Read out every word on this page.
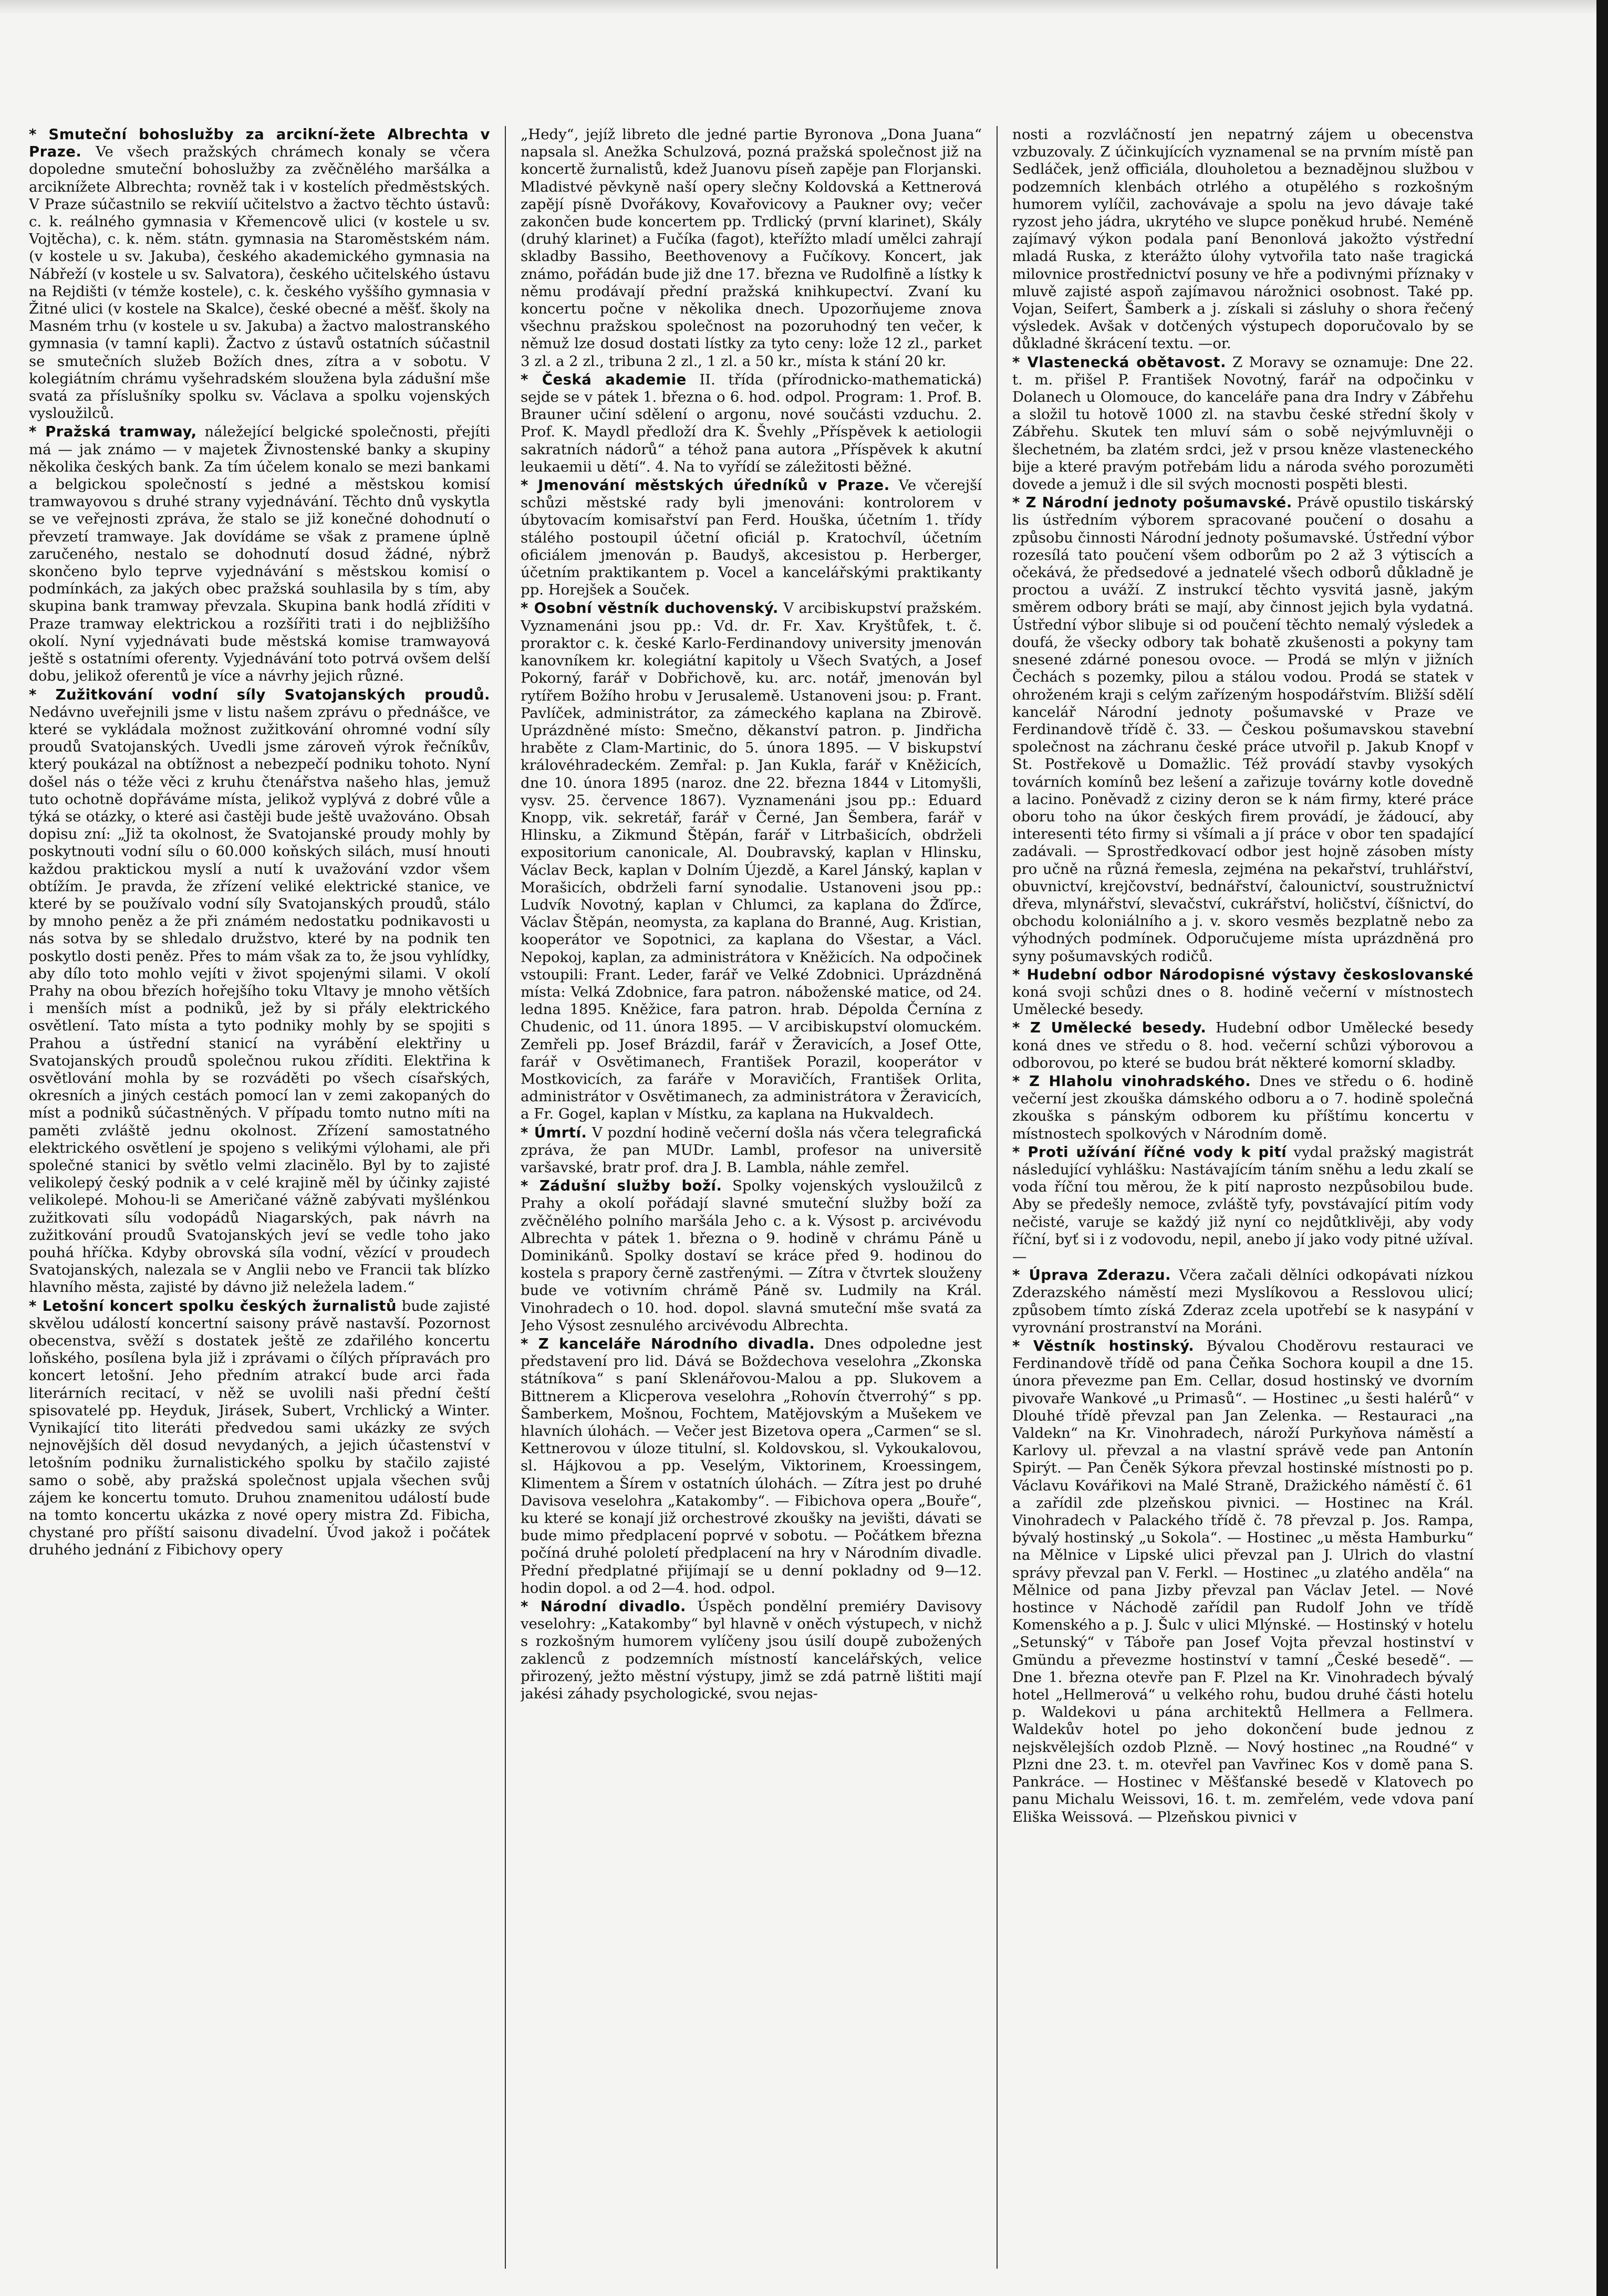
* Smuteční bohoslužby za arcikní-žete Albrechta v Praze. Ve všech pražských chrámech konaly se včera dopoledne smuteční bohoslužby za zvěčnělého maršálka a arciknížete Albrechta; rovněž tak i v kostelích předměstských. V Praze súčastnilo se rekviíí učitelstvo a žactvo těchto ústavů: c. k. reálného gymnasia v Křemencově ulici (v kostele u sv. Vojtěcha), c. k. něm. státn. gymnasia na Staroměstském nám. (v kostele u sv. Jakuba), českého akademického gymnasia na Nábřeží (v kostele u sv. Salvatora), českého učitelského ústavu na Rejdišti (v témže kostele), c. k. českého vyššího gymnasia v Žitné ulici (v kostele na Skalce), české obecné a měšť. školy na Masném trhu (v kostele u sv. Jakuba) a žactvo malostranského gymnasia (v tamní kapli). Žactvo z ústavů ostatních súčastnil se smutečních služeb Božích dnes, zítra a v sobotu. V kolegiátním chrámu vyšehradském sloužena byla zádušní mše svatá za příslušníky spolku sv. Václava a spolku vojenských vysloužilců.

* Pražská tramway, náležející belgické společnosti, přejíti má — jak známo — v majetek Živnostenské banky a skupiny několika českých bank. Za tím účelem konalo se mezi bankami a belgickou společností s jedné a městskou komisí tramwayovou s druhé strany vyjednávání. Těchto dnů vyskytla se ve veřejnosti zpráva, že stalo se již konečné dohodnutí o převzetí tramwaye. Jak dovídáme se však z pramene úplně zaručeného, nestalo se dohodnutí dosud žádné, nýbrž skončeno bylo teprve vyjednávání s městskou komisí o podmínkách, za jakých obec pražská souhlasila by s tím, aby skupina bank tramway převzala. Skupina bank hodlá zříditi v Praze tramway elektrickou a rozšířiti trati i do nejbližšího okolí. Nyní vyjednávati bude městská komise tramwayová ještě s ostatními oferenty. Vyjednávání toto potrvá ovšem delší dobu, jelikož oferentů je více a návrhy jejich různé.

* Zužitkování vodní síly Svatojanských proudů. Nedávno uveřejnili jsme v listu našem zprávu o přednášce, ve které se vykládala možnost zužitkování ohromné vodní síly proudů Svatojanských. Uvedli jsme zároveň výrok řečníkův, který poukázal na obtížnost a nebezpečí podniku tohoto. Nyní došel nás o téže věci z kruhu čtenářstva našeho hlas, jemuž tuto ochotně dopřáváme místa, jelikož vyplývá z dobré vůle a týká se otázky, o které asi častěji bude ještě uvažováno. Obsah dopisu zní: „Již ta okolnost, že Svatojanské proudy mohly by poskytnouti vodní sílu o 60.000 koňských silách, musí hnouti každou praktickou myslí a nutí k uvažování vzdor všem obtížím. Je pravda, že zřízení veliké elektrické stanice, ve které by se používalo vodní síly Svatojanských proudů, stálo by mnoho peněz a že při známém nedostatku podnikavosti u nás sotva by se shledalo družstvo, které by na podnik ten poskytlo dosti peněz. Přes to mám však za to, že jsou vyhlídky, aby dílo toto mohlo vejíti v život spojenými silami. V okolí Prahy na obou březích hořejšího toku Vltavy je mnoho větších i menších míst a podniků, jež by si přály elektrického osvětlení. Tato místa a tyto podniky mohly by se spojiti s Prahou a ústřední stanicí na vyrábění elektřiny u Svatojanských proudů společnou rukou zříditi. Elektřina k osvětlování mohla by se rozváděti po všech císařských, okresních a jiných cestách pomocí lan v zemi zakopaných do míst a podniků súčastněných. V případu tomto nutno míti na paměti zvláště jednu okolnost. Zřízení samostatného elektrického osvětlení je spojeno s velikými výlohami, ale při společné stanici by světlo velmi zlacinělo. Byl by to zajisté velikolepý český podnik a v celé krajině měl by účinky zajisté velikolepé. Mohou-li se Američané vážně zabývati myšlénkou zužitkovati sílu vodopádů Niagarských, pak návrh na zužitkování proudů Svatojanských jeví se vedle toho jako pouhá hříčka. Kdyby obrovská síla vodní, vězící v proudech Svatojanských, nalezala se v Anglii nebo ve Francii tak blízko hlavního města, zajisté by dávno již neležela ladem.“

* Letošní koncert spolku českých žurnalistů bude zajisté skvělou událostí koncertní saisony právě nastavší. Pozornost obecenstva, svěží s dostatek ještě ze zdařilého koncertu loňského, posílena byla již i zprávami o čílých přípravách pro koncert letošní. Jeho předním atrakcí bude arci řada literárních recitací, v něž se uvolili naši přední čeští spisovatelé pp. Heyduk, Jirásek, Subert, Vrchlický a Winter. Vynikající tito literáti předvedou sami ukázky ze svých nejnovějších děl dosud nevydaných, a jejich účastenství v letošním podniku žurnalistického spolku by stačilo zajisté samo o sobě, aby pražská společnost upjala všechen svůj zájem ke koncertu tomuto. Druhou znamenitou událostí bude na tomto koncertu ukázka z nové opery mistra Zd. Fibicha, chystané pro příští saisonu divadelní. Úvod jakož i počátek druhého jednání z Fibichovy opery

„Hedy“, jejíž libreto dle jedné partie Byronova „Dona Juana“ napsala sl. Anežka Schulzová, pozná pražská společnost již na koncertě žurnalistů, kdež Juanovu píseň zapěje pan Florjanski. Mladistvé pěvkyně naší opery slečny Koldovská a Kettnerová zapějí písně Dvořákovy, Kovařovicovy a Paukner ovy; večer zakončen bude koncertem pp. Trdlický (první klarinet), Skály (druhý klarinet) a Fučíka (fagot), kteřížto mladí umělci zahrají skladby Bassiho, Beethovenovy a Fučíkovy. Koncert, jak známo, pořádán bude již dne 17. března ve Rudolfině a lístky k němu prodávají přední pražská knihkupectví. Zvaní ku koncertu počne v několika dnech. Upozorňujeme znova všechnu pražskou společnost na pozoruhodný ten večer, k němuž lze dosud dostati lístky za tyto ceny: lože 12 zl., parket 3 zl. a 2 zl., tribuna 2 zl., 1 zl. a 50 kr., místa k stání 20 kr.

* Česká akademie II. třída (přírodnicko-mathematická) sejde se v pátek 1. března o 6. hod. odpol. Program: 1. Prof. B. Brauner učiní sdělení o argonu, nové součásti vzduchu. 2. Prof. K. Maydl předloží dra K. Švehly „Příspěvek k aetiologii sakratních nádorů“ a téhož pana autora „Příspěvek k akutní leukaemii u dětí“. 4. Na to vyřídí se záležitosti běžné.

* Jmenování městských úředníků v Praze. Ve včerejší schůzi městské rady byli jmenováni: kontrolorem v úbytovacím komisařství pan Ferd. Houška, účetním 1. třídy stálého postoupil účetní oficiál p. Kratochvíl, účetním oficiálem jmenován p. Baudyš, akcesistou p. Herberger, účetním praktikantem p. Vocel a kancelářskými praktikanty pp. Horejšek a Souček.

* Osobní věstník duchovenský. V arcibiskupství pražském. Vyznamenáni jsou pp.: Vd. dr. Fr. Xav. Kryštůfek, t. č. proraktor c. k. české Karlo-Ferdinandovy university jmenován kanovníkem kr. kolegiátní kapitoly u Všech Svatých, a Josef Pokorný, farář v Dobřichově, ku. arc. notář, jmenován byl rytířem Božího hrobu v Jerusalemě. Ustanoveni jsou: p. Frant. Pavlíček, administrátor, za zámeckého kaplana na Zbirově. Uprázdněné místo: Smečno, děkanství patron. p. Jindřicha hraběte z Clam-Martinic, do 5. února 1895. — V biskupství královéhradeckém. Zemřal: p. Jan Kukla, farář v Kněžicích, dne 10. února 1895 (naroz. dne 22. března 1844 v Litomyšli, vysv. 25. července 1867). Vyznamenáni jsou pp.: Eduard Knopp, vik. sekretář, farář v Černé, Jan Šembera, farář v Hlinsku, a Zikmund Štěpán, farář v Litrbašicích, obdrželi expositorium canonicale, Al. Doubravský, kaplan v Hlinsku, Václav Beck, kaplan v Dolním Újezdě, a Karel Jánský, kaplan v Morašicích, obdrželi farní synodalie. Ustanoveni jsou pp.: Ludvík Novotný, kaplan v Chlumci, za kaplana do Žďírce, Václav Štěpán, neomysta, za kaplana do Branné, Aug. Kristian, kooperátor ve Sopotnici, za kaplana do Všestar, a Václ. Nepokoj, kaplan, za administrátora v Kněžicích. Na odpočinek vstoupili: Frant. Leder, farář ve Velké Zdobnici. Uprázdněná místa: Velká Zdobnice, fara patron. náboženské matice, od 24. ledna 1895. Kněžice, fara patron. hrab. Dépolda Černína z Chudenic, od 11. února 1895. — V arcibiskupství olomuckém. Zemřeli pp. Josef Brázdil, farář v Žeravicích, a Josef Otte, farář v Osvětimanech, František Porazil, kooperátor v Mostkovicích, za faráře v Moravičích, František Orlita, administrátor v Osvětimanech, za administrátora v Žeravicích, a Fr. Gogel, kaplan v Místku, za kaplana na Hukvaldech.

* Úmrtí. V pozdní hodině večerní došla nás včera telegrafická zpráva, že pan MUDr. Lambl, profesor na universitě varšavské, bratr prof. dra J. B. Lambla, náhle zemřel.

* Zádušní služby boží. Spolky vojenských vysloužilců z Prahy a okolí pořádají slavné smuteční služby boží za zvěčnělého polního maršála Jeho c. a k. Výsost p. arcivévodu Albrechta v pátek 1. března o 9. hodině v chrámu Páně u Dominikánů. Spolky dostaví se kráce před 9. hodinou do kostela s prapory černě zastřenými. — Zítra v čtvrtek slouženy bude ve votivním chrámě Páně sv. Ludmily na Král. Vinohradech o 10. hod. dopol. slavná smuteční mše svatá za Jeho Výsost zesnulého arcivévodu Albrechta.

* Z kanceláře Národního divadla. Dnes odpoledne jest představení pro lid. Dává se Boždechova veselohra „Zkonska státníkova“ s paní Sklenářovou-Malou a pp. Slukovem a Bittnerem a Klicperova veselohra „Rohovín čtverrohý“ s pp. Šamberkem, Mošnou, Fochtem, Matějovským a Mušekem ve hlavních úlohách. — Večer jest Bizetova opera „Carmen“ se sl. Kettnerovou v úloze titulní, sl. Koldovskou, sl. Vykoukalovou, sl. Hájkovou a pp. Veselým, Viktorinem, Kroessingem, Klimentem a Šírem v ostatních úlohách. — Zítra jest po druhé Davisova veselohra „Katakomby“. — Fibichova opera „Bouře“, ku které se konají již orchestrové zkoušky na jevišti, dávati se bude mimo předplacení poprvé v sobotu. — Počátkem března počíná druhé pololetí předplacení na hry v Národním divadle. Přední předplatné přijímají se u denní pokladny od 9—12. hodin dopol. a od 2—4. hod. odpol.

* Národní divadlo. Úspěch pondělní premiéry Davisovy veselohry: „Katakomby“ byl hlavně v oněch výstupech, v nichž s rozkošným humorem vylíčeny jsou úsilí doupě zubožených zaklenců z podzemních místností kancelářských, velice přirozený, ježto městní výstupy, jimž se zdá patrně lištiti mají jakési záhady psychologické, svou nejas-

nosti a rozvláčností jen nepatrný zájem u obecenstva vzbuzovaly. Z účinkujících vyznamenal se na prvním místě pan Sedláček, jenž officiála, dlouholetou a beznadějnou službou v podzemních klenbách otrlého a otupělého s rozkošným humorem vylíčil, zachovávaje a spolu na jevo dávaje také ryzost jeho jádra, ukrytého ve slupce poněkud hrubé. Neméně zajímavý výkon podala paní Benonlová jakožto výstřední mladá Ruska, z kterážto úlohy vytvořila tato naše tragická milovnice prostřednictví posuny ve hře a podivnými příznaky v mluvě zajisté aspoň zajímavou nárožnici osobnost. Také pp. Vojan, Seifert, Šamberk a j. získali si zásluhy o shora řečený výsledek. Avšak v dotčených výstupech doporučovalo by se důkladné škrácení textu. —or.

* Vlastenecká obětavost. Z Moravy se oznamuje: Dne 22. t. m. přišel P. František Novotný, farář na odpočinku v Dolanech u Olomouce, do kanceláře pana dra Indry v Zábřehu a složil tu hotově 1000 zl. na stavbu české střední školy v Zábřehu. Skutek ten mluví sám o sobě nejvýmluvněji o šlechetném, ba zlatém srdci, jež v prsou kněze vlasteneckého bije a které pravým potřebám lidu a národa svého porozuměti dovede a jemuž i dle sil svých mocnosti pospěti blesti.

* Z Národní jednoty pošumavské. Právě opustilo tiskárský lis ústředním výborem spracované poučení o dosahu a způsobu činnosti Národní jednoty pošumavské. Ústřední výbor rozesílá tato poučení všem odborům po 2 až 3 výtiscích a očekává, že předsedové a jednatelé všech odborů důkladně je proctou a uváží. Z instrukcí těchto vysvitá jasně, jakým směrem odbory bráti se mají, aby činnost jejich byla vydatná. Ústřední výbor slibuje si od poučení těchto nemalý výsledek a doufá, že všecky odbory tak bohatě zkušenosti a pokyny tam snesené zdárné ponesou ovoce. — Prodá se mlýn v jižních Čechách s pozemky, pilou a stálou vodou. Prodá se statek v ohroženém kraji s celým zařízeným hospodářstvím. Bližší sdělí kancelář Národní jednoty pošumavské v Praze ve Ferdinandově třídě č. 33. — Českou pošumavskou stavební společnost na záchranu české práce utvořil p. Jakub Knopf v St. Postřekově u Domažlic. Též provádí stavby vysokých továrních komínů bez lešení a zařizuje továrny kotle dovedně a lacino. Poněvadž z ciziny deron se k nám firmy, které práce oboru toho na úkor českých firem provádí, je žádoucí, aby interesenti této firmy si všímali a jí práce v obor ten spadající zadávali. — Sprostředkovací odbor jest hojně zásoben místy pro učně na různá řemesla, zejména na pekařství, truhlářství, obuvnictví, krejčovství, bednářství, čalounictví, soustružnictví dřeva, mlynářství, slevačství, cukrářství, holičství, číšnictví, do obchodu koloniálního a j. v. skoro vesměs bezplatně nebo za výhodných podmínek. Odporučujeme místa uprázdněná pro syny pošumavských rodičů.

* Hudební odbor Národopisné výstavy českoslovanské koná svoji schůzi dnes o 8. hodině večerní v místnostech Umělecké besedy.

* Z Umělecké besedy. Hudební odbor Umělecké besedy koná dnes ve středu o 8. hod. večerní schůzi výborovou a odborovou, po které se budou brát některé komorní skladby.

* Z Hlaholu vinohradského. Dnes ve středu o 6. hodině večerní jest zkouška dámského odboru a o 7. hodině společná zkouška s pánským odborem ku příštímu koncertu v místnostech spolkových v Národním domě.

* Proti užívání říčné vody k pití vydal pražský magistrát následující vyhlášku: Nastávajícím táním sněhu a ledu zkalí se voda říční tou měrou, že k pití naprosto nezpůsobilou bude. Aby se předešly nemoce, zvláště tyfy, povstávající pitím vody nečisté, varuje se každý již nyní co nejdůtklivěji, aby vody říční, byť si i z vodovodu, nepil, anebo jí jako vody pitné užíval. —

* Úprava Zderazu. Včera začali dělníci odkopávati nízkou Zderazského náměstí mezi Myslíkovou a Resslovou ulicí; způsobem tímto získá Zderaz zcela upotřebí se k nasypání v vyrovnání prostranství na Moráni.

* Věstník hostinský. Bývalou Choděrovu restauraci ve Ferdinandově třídě od pana Čeňka Sochora koupil a dne 15. února převezme pan Em. Cellar, dosud hostinský ve dvorním pivovaře Wankové „u Primasů“. — Hostinec „u šesti halérů“ v Dlouhé třídě převzal pan Jan Zelenka. — Restauraci „na Valdekn“ na Kr. Vinohradech, nároží Purkyňova náměstí a Karlovy ul. převzal a na vlastní správě vede pan Antonín Spirýt. — Pan Čeněk Sýkora převzal hostinské místnosti po p. Václavu Kovářikovi na Malé Straně, Dražického náměstí č. 61 a zařídil zde plzeňskou pivnici. — Hostinec na Král. Vinohradech v Palackého třídě č. 78 převzal p. Jos. Rampa, bývalý hostinský „u Sokola“. — Hostinec „u města Hamburku“ na Mělnice v Lipské ulici převzal pan J. Ulrich do vlastní správy převzal pan V. Ferkl. — Hostinec „u zlatého anděla“ na Mělnice od pana Jizby převzal pan Václav Jetel. — Nové hostince v Náchodě zařídil pan Rudolf John ve třídě Komenského a p. J. Šulc v ulici Mlýnské. — Hostinský v hotelu „Setunský“ v Táboře pan Josef Vojta převzal hostinství v Gmündu a převezme hostinství v tamní „České besedě“. — Dne 1. března otevře pan F. Plzel na Kr. Vinohradech bývalý hotel „Hellmerová“ u velkého rohu, budou druhé části hotelu p. Waldekovi u pána architektů Hellmera a Fellmera. Waldekův hotel po jeho dokončení bude jednou z nejskvělejších ozdob Plzně. — Nový hostinec „na Roudné“ v Plzni dne 23. t. m. otevřel pan Vavřinec Kos v domě pana S. Pankráce. — Hostinec v Měšťanské besedě v Klatovech po panu Michalu Weissovi, 16. t. m. zemřelém, vede vdova paní Eliška Weissová. — Plzeňskou pivnici v
